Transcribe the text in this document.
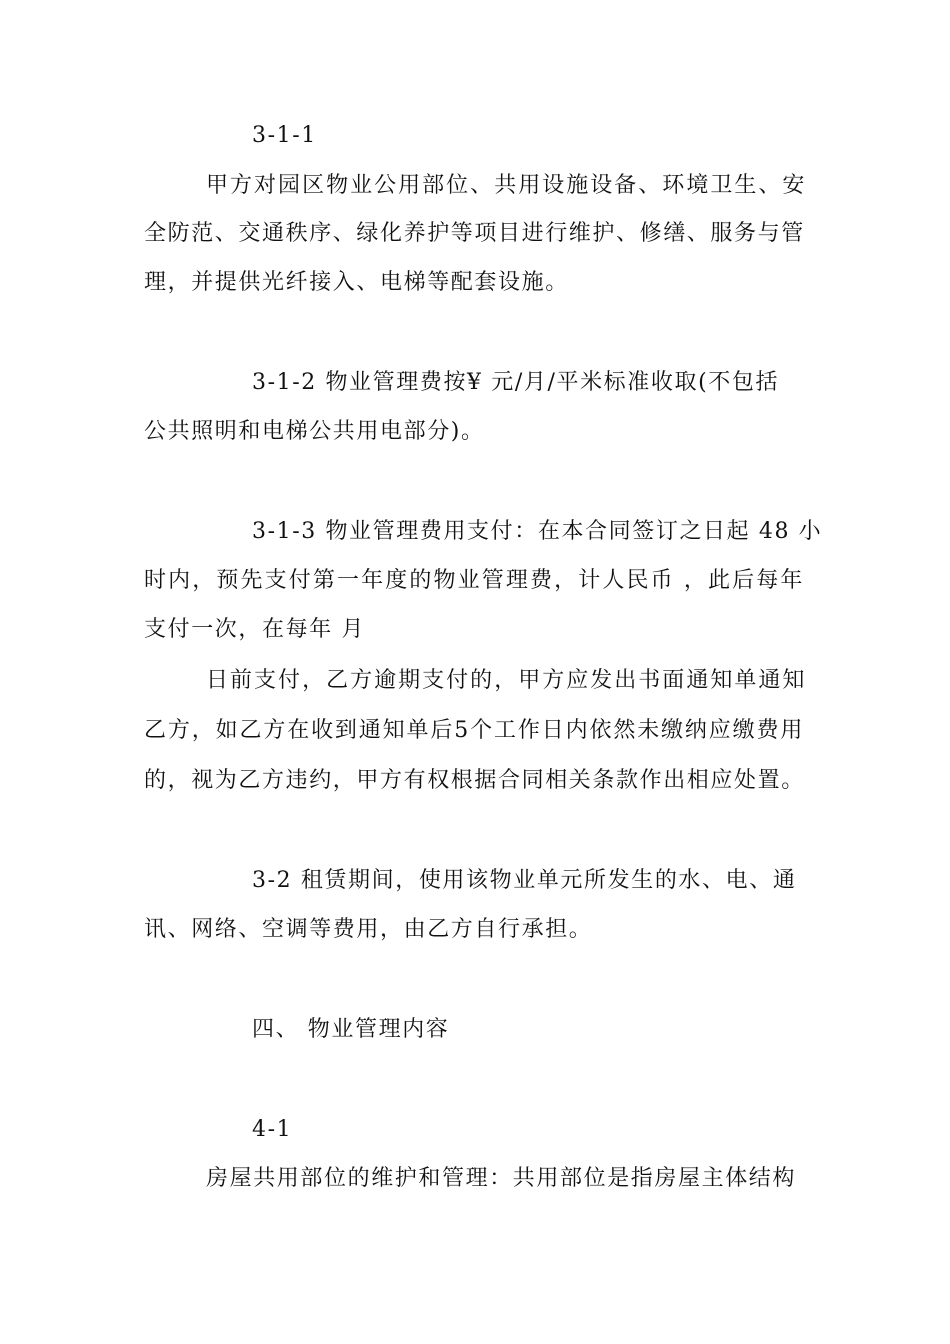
3-1-1
甲方对园区物业公用部位、共用设施设备、环境卫生、安
全防范、交通秩序、绿化养护等项目进行维护、修缮、服务与管
理，并提供光纤接入、电梯等配套设施。
3-1-2 物业管理费按¥ 元/月/平米标准收取(不包括
公共照明和电梯公共用电部分)。
3-1-3 物业管理费用支付：在本合同签订之日起 48 小
时内，预先支付第一年度的物业管理费，计人民币 ，此后每年
支付一次，在每年 月
日前支付，乙方逾期支付的，甲方应发出书面通知单通知
乙方，如乙方在收到通知单后5个工作日内依然未缴纳应缴费用
的，视为乙方违约，甲方有权根据合同相关条款作出相应处置。
3-2 租赁期间，使用该物业单元所发生的水、电、通
讯、网络、空调等费用，由乙方自行承担。
四、 物业管理内容
4-1
房屋共用部位的维护和管理：共用部位是指房屋主体结构
